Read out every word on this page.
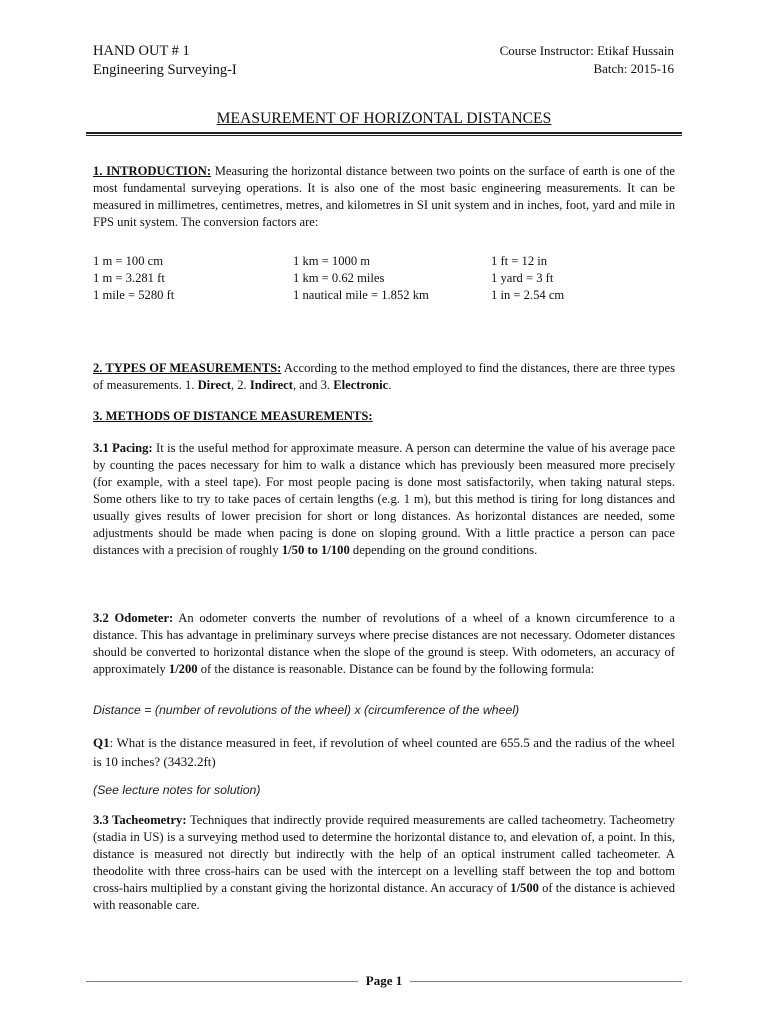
HAND OUT # 1
Engineering Surveying-I
Course Instructor: Etikaf Hussain
Batch: 2015-16
MEASUREMENT OF HORIZONTAL DISTANCES

1. INTRODUCTION: Measuring the horizontal distance between two points on the surface of earth is one of the most fundamental surveying operations. It is also one of the most basic engineering measurements. It can be measured in millimetres, centimetres, metres, and kilometres in SI unit system and in inches, foot, yard and mile in FPS unit system. The conversion factors are:

1 m = 100 cm	1 km = 1000 m	1 ft = 12 in
1 m = 3.281 ft	1 km = 0.62 miles	1 yard = 3 ft
1 mile = 5280 ft	1 nautical mile = 1.852 km	1 in = 2.54 cm

2. TYPES OF MEASUREMENTS: According to the method employed to find the distances, there are three types of measurements. 1. Direct, 2. Indirect, and 3. Electronic.

3. METHODS OF DISTANCE MEASUREMENTS:

3.1 Pacing: It is the useful method for approximate measure. A person can determine the value of his average pace by counting the paces necessary for him to walk a distance which has previously been measured more precisely (for example, with a steel tape). For most people pacing is done most satisfactorily, when taking natural steps. Some others like to try to take paces of certain lengths (e.g. 1 m), but this method is tiring for long distances and usually gives results of lower precision for short or long distances. As horizontal distances are needed, some adjustments should be made when pacing is done on sloping ground. With a little practice a person can pace distances with a precision of roughly 1/50 to 1/100 depending on the ground conditions.

3.2 Odometer: An odometer converts the number of revolutions of a wheel of a known circumference to a distance. This has advantage in preliminary surveys where precise distances are not necessary. Odometer distances should be converted to horizontal distance when the slope of the ground is steep. With odometers, an accuracy of approximately 1/200 of the distance is reasonable. Distance can be found by the following formula:

Distance = (number of revolutions of the wheel) x (circumference of the wheel)

Q1: What is the distance measured in feet, if revolution of wheel counted are 655.5 and the radius of the wheel is 10 inches? (3432.2ft)

(See lecture notes for solution)

3.3 Tacheometry: Techniques that indirectly provide required measurements are called tacheometry. Tacheometry (stadia in US) is a surveying method used to determine the horizontal distance to, and elevation of, a point. In this, distance is measured not directly but indirectly with the help of an optical instrument called tacheometer. A theodolite with three cross-hairs can be used with the intercept on a levelling staff between the top and bottom cross-hairs multiplied by a constant giving the horizontal distance. An accuracy of 1/500 of the distance is achieved with reasonable care.

Page 1
